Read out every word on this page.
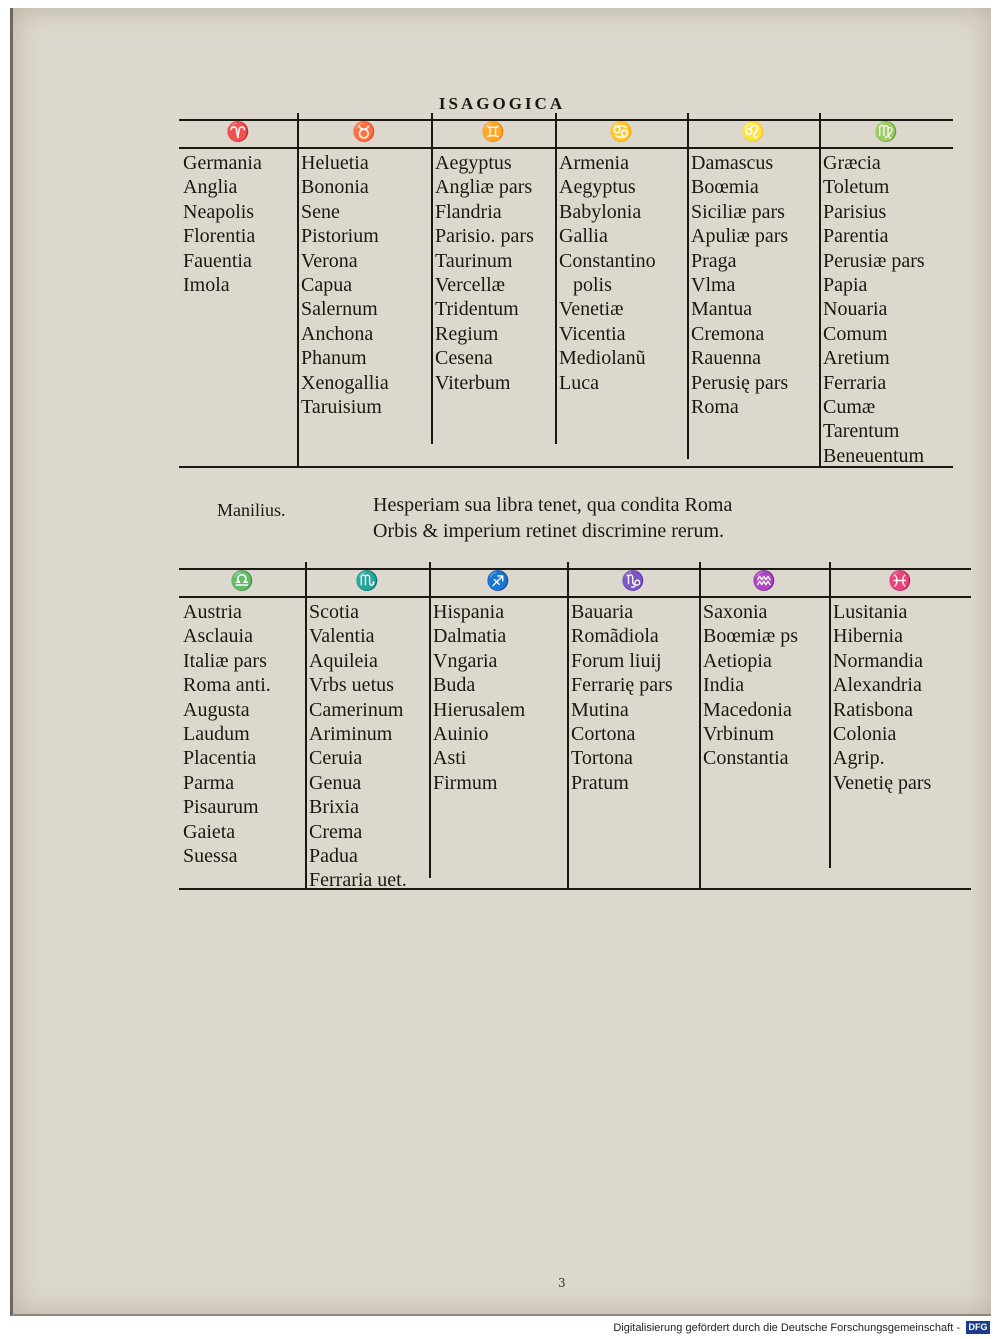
ISAGOGICA
♈
Germania
Anglia
Neapolis
Florentia
Fauentia
Imola
♉
Heluetia
Bononia
Sene
Pistorium
Verona
Capua
Salernum
Anchona
Phanum
Xenogallia
Taruisium
♊
Aegyptus
Angliæ pars
Flandria
Parisio. pars
Taurinum
Vercellæ
Tridentum
Regium
Cesena
Viterbum
♋
Armenia
Aegyptus
Babylonia
Gallia
Constantino
polis
Venetiæ
Vicentia
Mediolanũ
Luca
♌
Damascus
Boœmia
Siciliæ pars
Apuliæ pars
Praga
Vlma
Mantua
Cremona
Rauenna
Perusię pars
Roma
♍
Græcia
Toletum
Parisius
Parentia
Perusiæ pars
Papia
Nouaria
Comum
Aretium
Ferraria
Cumæ
Tarentum
Beneuentum
Manilius.	Hesperiam sua libra tenet, qua condita Roma
Orbis & imperium retinet discrimine rerum.
♎
Austria
Asclauia
Italiæ pars
Roma anti.
Augusta
Laudum
Placentia
Parma
Pisaurum
Gaieta
Suessa
♏
Scotia
Valentia
Aquileia
Vrbs uetus
Camerinum
Ariminum
Ceruia
Genua
Brixia
Crema
Padua
Ferraria uet.
♐
Hispania
Dalmatia
Vngaria
Buda
Hierusalem
Auinio
Asti
Firmum
♑
Bauaria
Romãdiola
Forum liuij
Ferrarię pars
Mutina
Cortona
Tortona
Pratum
♒
Saxonia
Boœmiæ ps
Aetiopia
India
Macedonia
Vrbinum
Constantia
♓
Lusitania
Hibernia
Normandia
Alexandria
Ratisbona
Colonia
Agrip.
Venetię pars
3
Digitalisierung gefördert durch die Deutsche Forschungsgemeinschaft - DFG
